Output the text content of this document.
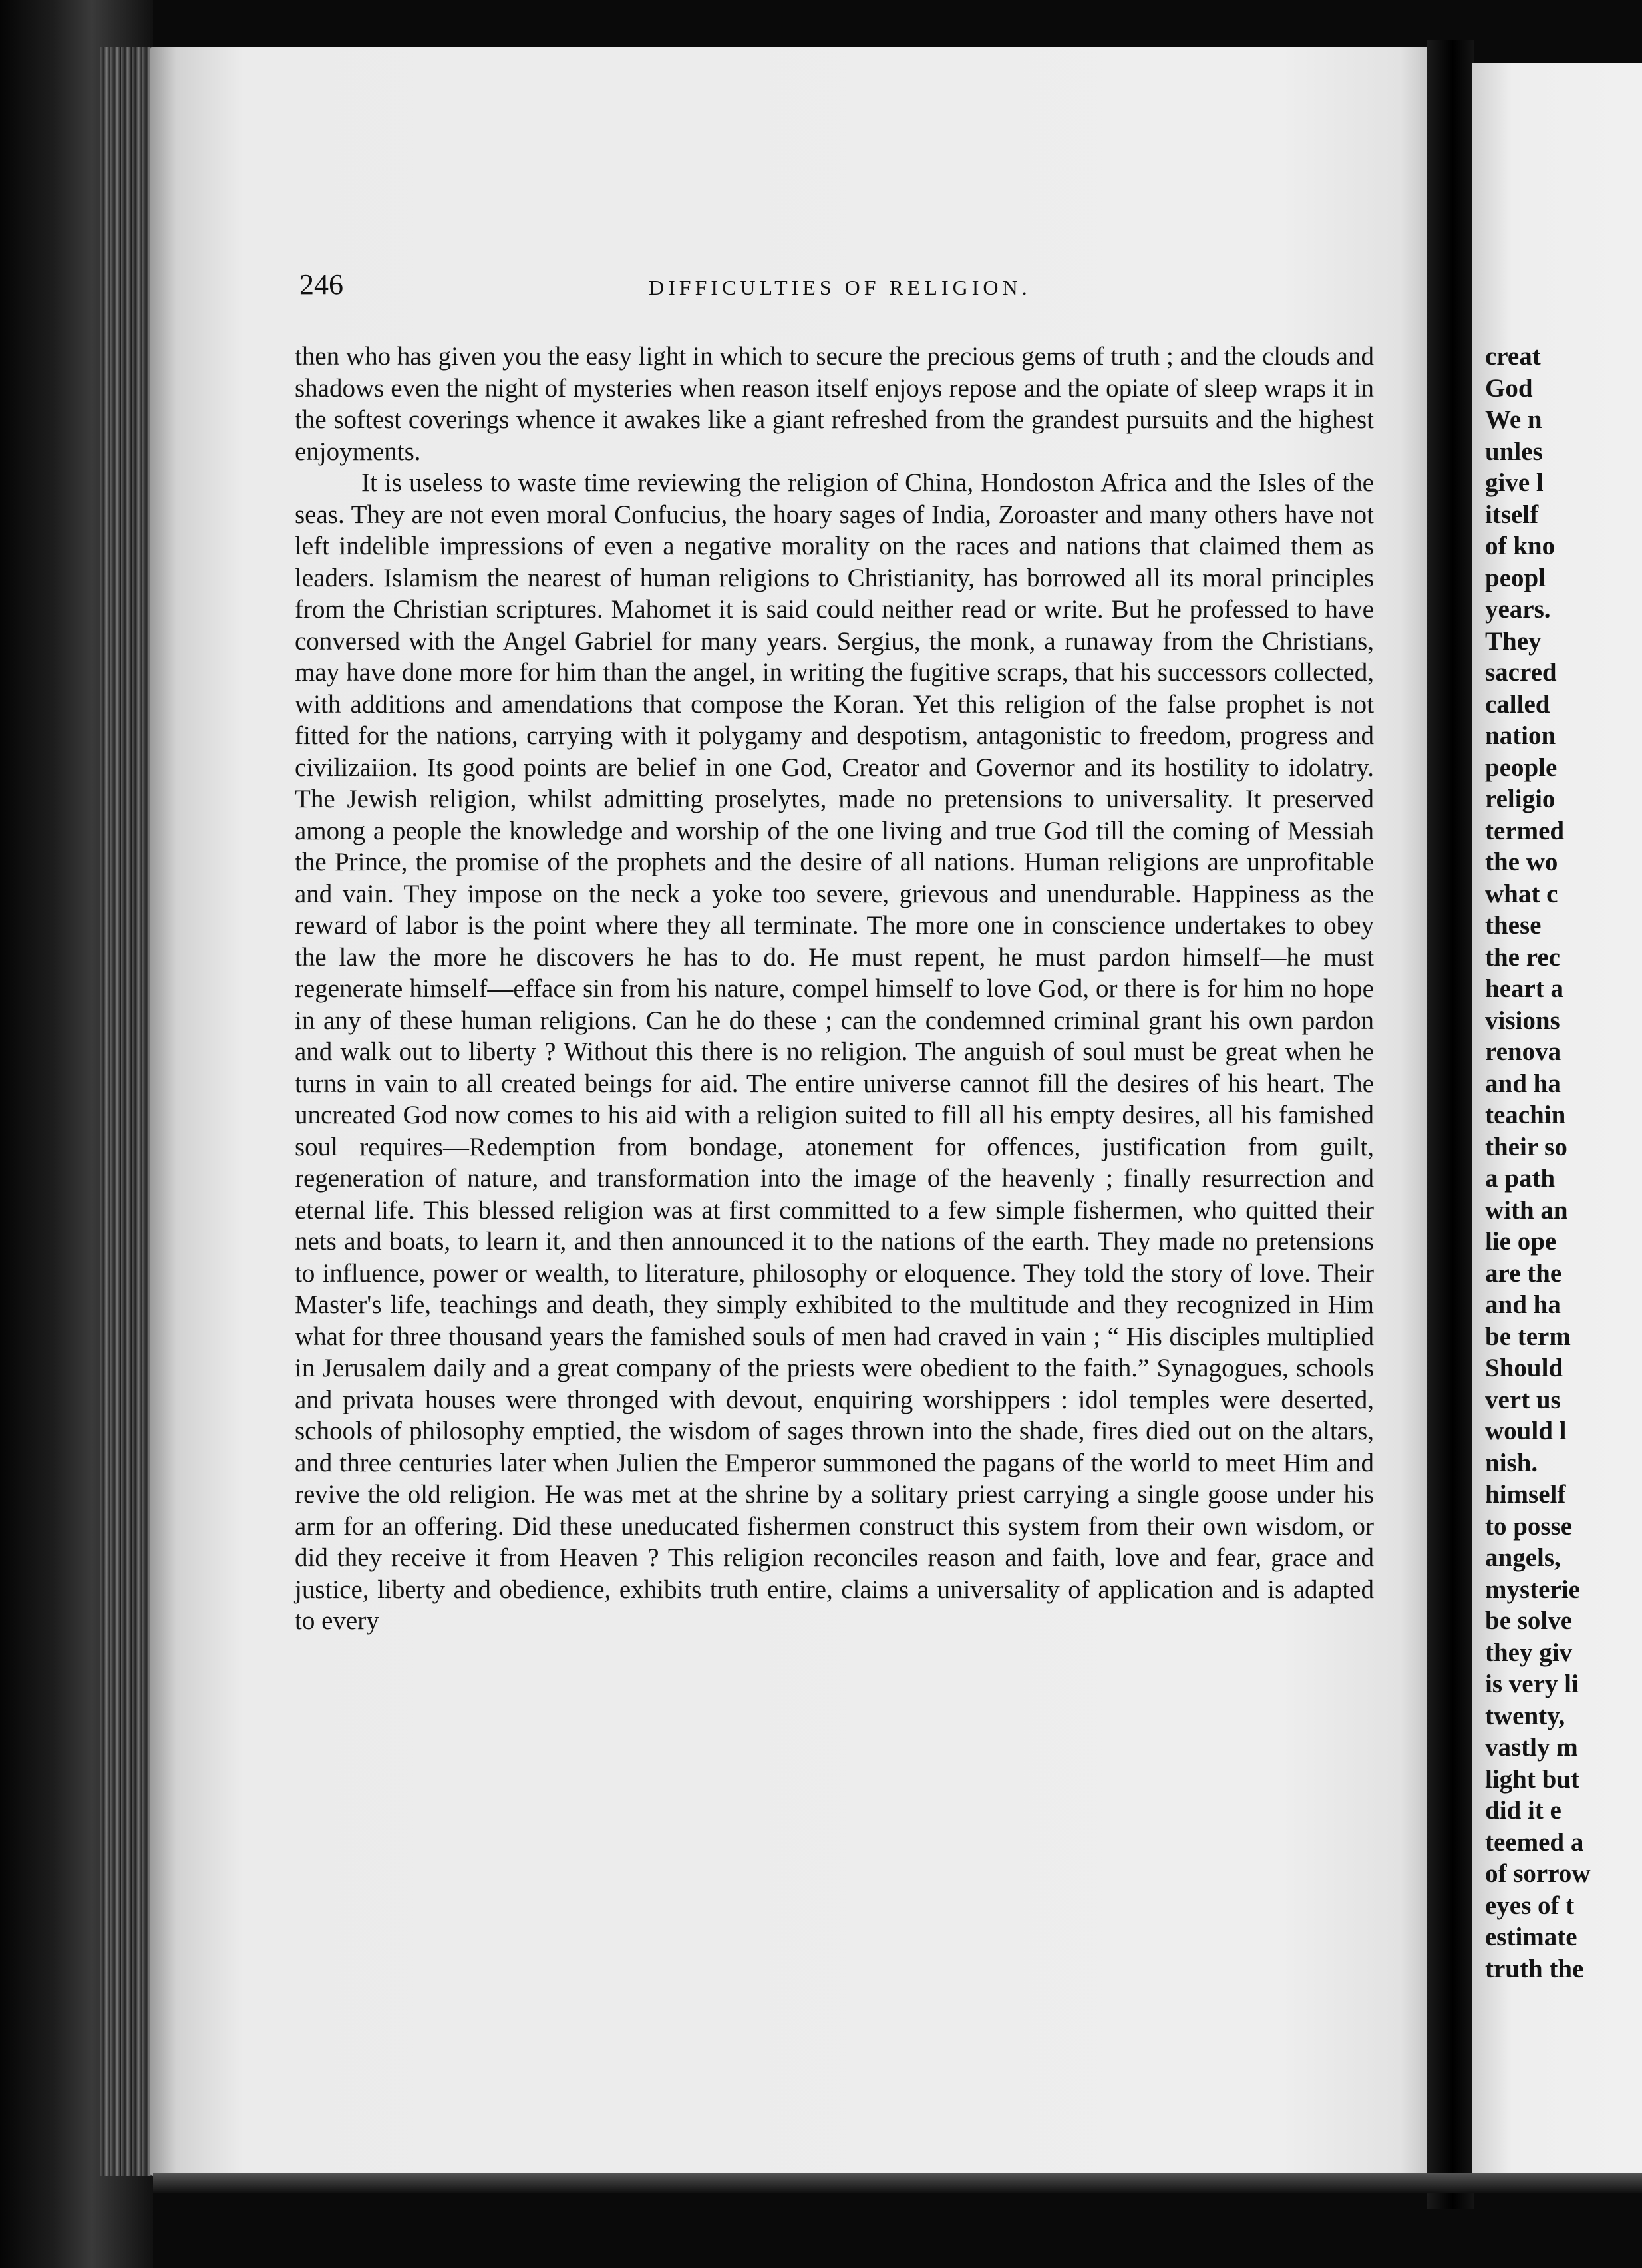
246	DIFFICULTIES OF RELIGION.

then who has given you the easy light in which to secure the precious gems of truth ; and the clouds and shadows even the night of mysteries when reason itself enjoys repose and the opiate of sleep wraps it in the softest coverings whence it awakes like a giant refreshed from the grandest pursuits and the highest enjoyments.

It is useless to waste time reviewing the religion of China, Hondoston Africa and the Isles of the seas. They are not even moral Confucius, the hoary sages of India, Zoroaster and many others have not left indelible impressions of even a negative morality on the races and nations that claimed them as leaders. Islamism the nearest of human religions to Christianity, has borrowed all its moral principles from the Christian scriptures. Mahomet it is said could neither read or write. But he professed to have conversed with the Angel Gabriel for many years. Sergius, the monk, a runaway from the Christians, may have done more for him than the angel, in writing the fugitive scraps, that his successors collected, with additions and amendations that compose the Koran. Yet this religion of the false prophet is not fitted for the nations, carrying with it polygamy and despotism, antagonistic to freedom, progress and civilizaiion. Its good points are belief in one God, Creator and Governor and its hostility to idolatry. The Jewish religion, whilst admitting proselytes, made no pretensions to universality. It preserved among a people the knowledge and worship of the one living and true God till the coming of Messiah the Prince, the promise of the prophets and the desire of all nations. Human religions are unprofitable and vain. They impose on the neck a yoke too severe, grievous and unendurable. Happiness as the reward of labor is the point where they all terminate. The more one in conscience undertakes to obey the law the more he discovers he has to do. He must repent, he must pardon himself—he must regenerate himself—efface sin from his nature, compel himself to love God, or there is for him no hope in any of these human religions. Can he do these ; can the condemned criminal grant his own pardon and walk out to liberty ? Without this there is no religion. The anguish of soul must be great when he turns in vain to all created beings for aid. The entire universe cannot fill the desires of his heart. The uncreated God now comes to his aid with a religion suited to fill all his empty desires, all his famished soul requires—Redemption from bondage, atonement for offences, justification from guilt, regeneration of nature, and transformation into the image of the heavenly ; finally resurrection and eternal life. This blessed religion was at first committed to a few simple fishermen, who quitted their nets and boats, to learn it, and then announced it to the nations of the earth. They made no pretensions to influence, power or wealth, to literature, philosophy or eloquence. They told the story of love. Their Master's life, teachings and death, they simply exhibited to the multitude and they recognized in Him what for three thousand years the famished souls of men had craved in vain ; “ His disciples multiplied in Jerusalem daily and a great company of the priests were obedient to the faith.” Synagogues, schools and privata houses were thronged with devout, enquiring worshippers : idol temples were deserted, schools of philosophy emptied, the wisdom of sages thrown into the shade, fires died out on the altars, and three centuries later when Julien the Emperor summoned the pagans of the world to meet Him and revive the old religion. He was met at the shrine by a solitary priest carrying a single goose under his arm for an offering. Did these uneducated fishermen construct this system from their own wisdom, or did they receive it from Heaven ? This religion reconciles reason and faith, love and fear, grace and justice, liberty and obedience, exhibits truth entire, claims a universality of application and is adapted to every

creat
God
We n
unles
give l
itself
of kno
peopl
years.
They
sacred
called
nation
people
religio
termed
the wo
what c
these
the rec
heart a
visions
renova
and ha
teachin
their so
a path
with an
lie ope
are the
and ha
be term
Should
vert us
would l
nish.
himself
to posse
angels,
mysterie
be solve
they giv
is very li
twenty,
vastly m
light but
did it e
teemed a
of sorrow
eyes of t
estimate
truth the
